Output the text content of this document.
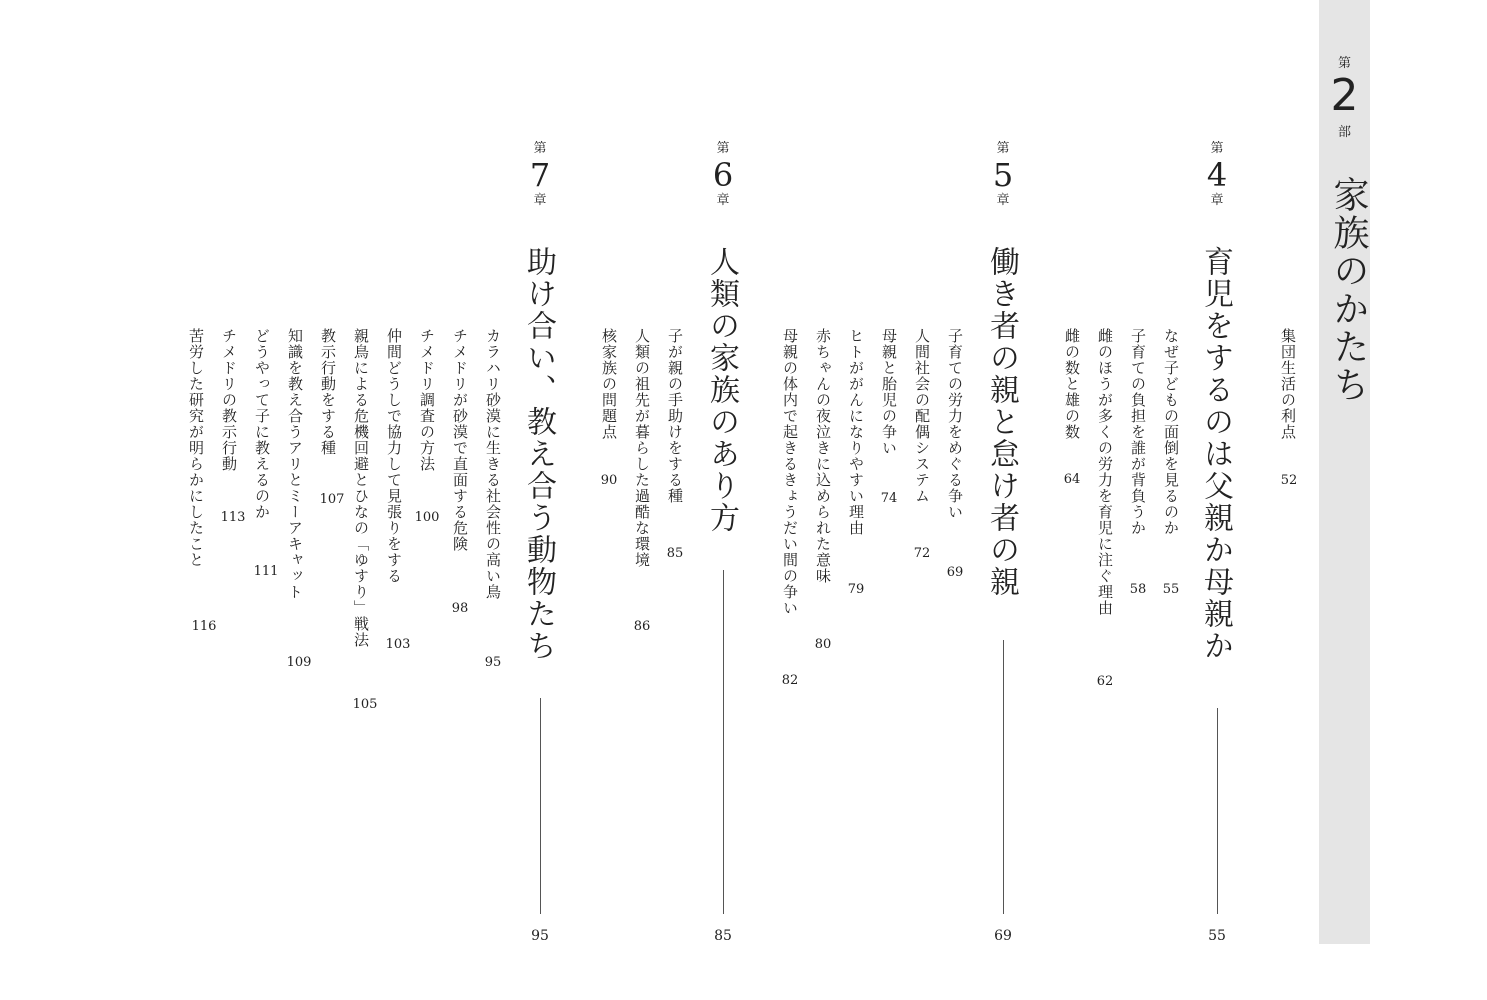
第
2
部
家族のかたち
集団生活の利点
52
第
4
章
育児をするのは父親か母親か
55
なぜ子どもの面倒を見るのか
55
子育ての負担を誰が背負うか
58
雌のほうが多くの労力を育児に注ぐ理由
62
雌の数と雄の数
64
第
5
章
働き者の親と怠け者の親
69
子育ての労力をめぐる争い
69
人間社会の配偶システム
72
母親と胎児の争い
74
ヒトががんになりやすい理由
79
赤ちゃんの夜泣きに込められた意味
80
母親の体内で起きるきょうだい間の争い
82
第
6
章
人類の家族のあり方
85
子が親の手助けをする種
85
人類の祖先が暮らした過酷な環境
86
核家族の問題点
90
第
7
章
助け合い、教え合う動物たち
95
カラハリ砂漠に生きる社会性の高い鳥
95
チメドリが砂漠で直面する危険
98
チメドリ調査の方法
100
仲間どうしで協力して見張りをする
103
親鳥による危機回避とひなの「ゆすり」戦法
105
教示行動をする種
107
知識を教え合うアリとミーアキャット
109
どうやって子に教えるのか
111
チメドリの教示行動
113
苦労した研究が明らかにしたこと
116
